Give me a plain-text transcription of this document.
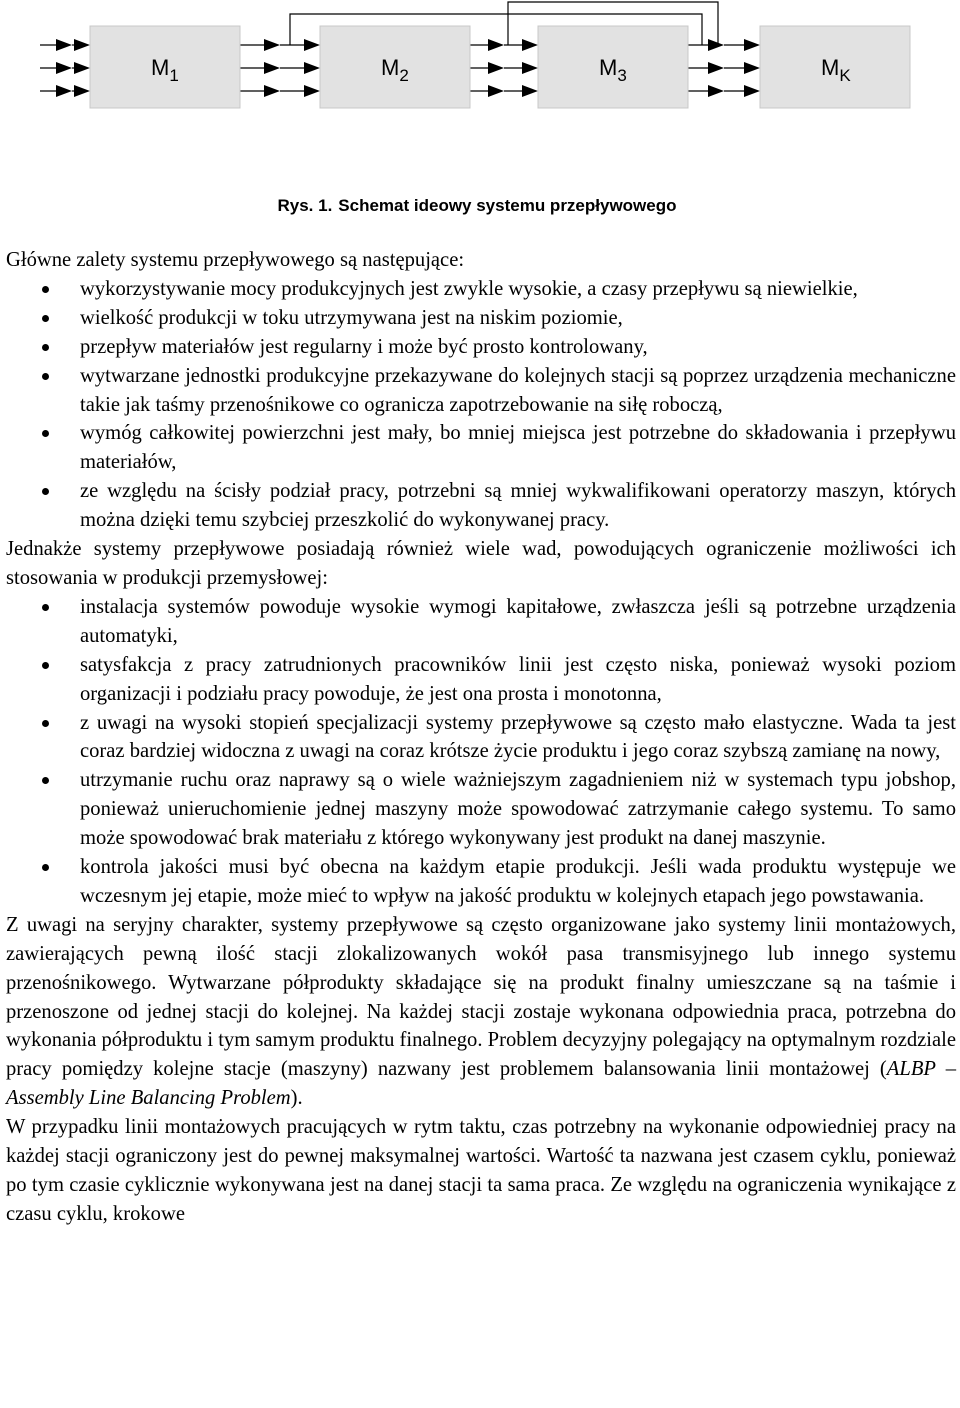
$M_1$	$M_2$	$M_3$	$M_K$
Rys. 1. Schemat ideowy systemu przepływowego

Główne zalety systemu przepływowego są następujące:

wykorzystywanie mocy produkcyjnych jest zwykle wysokie, a czasy przepływu są niewielkie,
wielkość produkcji w toku utrzymywana jest na niskim poziomie,
przepływ materiałów jest regularny i może być prosto kontrolowany,
wytwarzane jednostki produkcyjne przekazywane do kolejnych stacji są poprzez urządzenia mechaniczne takie jak taśmy przenośnikowe co ogranicza zapotrzebowanie na siłę roboczą,
wymóg całkowitej powierzchni jest mały, bo mniej miejsca jest potrzebne do składowania i przepływu materiałów,
ze względu na ścisły podział pracy, potrzebni są mniej wykwalifikowani operatorzy maszyn, których można dzięki temu szybciej przeszkolić do wykonywanej pracy.

Jednakże systemy przepływowe posiadają również wiele wad, powodujących ograniczenie możliwości ich stosowania w produkcji przemysłowej:

instalacja systemów powoduje wysokie wymogi kapitałowe, zwłaszcza jeśli są potrzebne urządzenia automatyki,
satysfakcja z pracy zatrudnionych pracowników linii jest często niska, ponieważ wysoki poziom organizacji i podziału pracy powoduje, że jest ona prosta i monotonna,
z uwagi na wysoki stopień specjalizacji systemy przepływowe są często mało elastyczne. Wada ta jest coraz bardziej widoczna z uwagi na coraz krótsze życie produktu i jego coraz szybszą zamianę na nowy,
utrzymanie ruchu oraz naprawy są o wiele ważniejszym zagadnieniem niż w systemach typu jobshop, ponieważ unieruchomienie jednej maszyny może spowodować zatrzymanie całego systemu. To samo może spowodować brak materiału z którego wykonywany jest produkt na danej maszynie.
kontrola jakości musi być obecna na każdym etapie produkcji. Jeśli wada produktu występuje we wczesnym jej etapie, może mieć to wpływ na jakość produktu w kolejnych etapach jego powstawania.

Z uwagi na seryjny charakter, systemy przepływowe są często organizowane jako systemy linii montażowych, zawierających pewną ilość stacji zlokalizowanych wokół pasa transmisyjnego lub innego systemu przenośnikowego. Wytwarzane półprodukty składające się na produkt finalny umieszczane są na taśmie i przenoszone od jednej stacji do kolejnej. Na każdej stacji zostaje wykonana odpowiednia praca, potrzebna do wykonania półproduktu i tym samym produktu finalnego. Problem decyzyjny polegający na optymalnym rozdziale pracy pomiędzy kolejne stacje (maszyny) nazwany jest problemem balansowania linii montażowej (ALBP – Assembly Line Balancing Problem).

W przypadku linii montażowych pracujących w rytm taktu, czas potrzebny na wykonanie odpowiedniej pracy na każdej stacji ograniczony jest do pewnej maksymalnej wartości. Wartość ta nazwana jest czasem cyklu, ponieważ po tym czasie cyklicznie wykonywana jest na danej stacji ta sama praca. Ze względu na ograniczenia wynikające z czasu cyklu, krokowe
